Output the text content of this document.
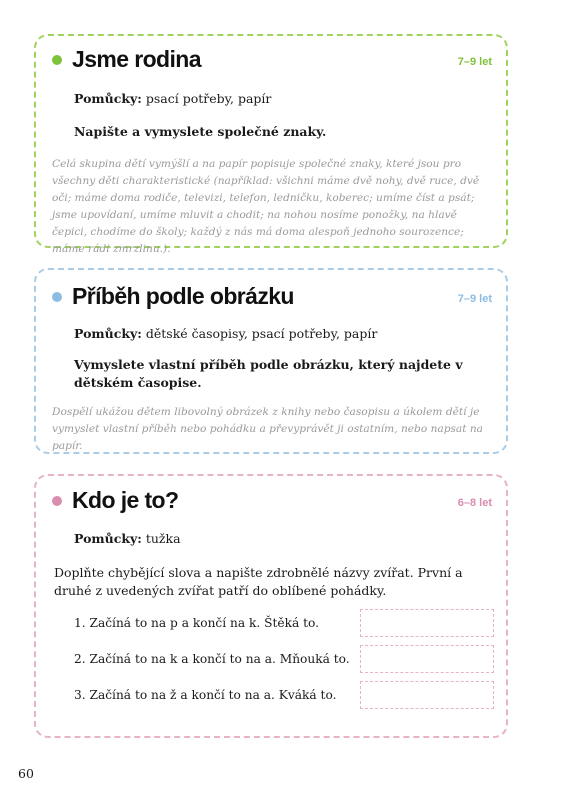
Jsme rodina	7–9 let
Pomůcky: psací potřeby, papír
Napište a vymyslete společné znaky.
Celá skupina dětí vymýšlí a na papír popisuje společné znaky, které jsou pro všechny děti charakteristické (například: všichni máme dvě nohy, dvě ruce, dvě oči; máme doma rodiče, televizi, telefon, ledničku, koberec; umíme číst a psát; jsme upovídaní, umíme mluvit a chodit; na nohou nosíme ponožky, na hlavě čepici, chodíme do školy; každý z nás má doma alespoň jednoho sourozence; máme rádi zmrzlinu.).
Příběh podle obrázku	7–9 let
Pomůcky: dětské časopisy, psací potřeby, papír
Vymyslete vlastní příběh podle obrázku, který najdete v dětském časopise.
Dospělí ukážou dětem libovolný obrázek z knihy nebo časopisu a úkolem dětí je vymyslet vlastní příběh nebo pohádku a převyprávět ji ostatním, nebo napsat na papír.
Kdo je to?	6–8 let
Pomůcky: tužka
Doplňte chybějící slova a napište zdrobnělé názvy zvířat. První a druhé z uvedených zvířat patří do oblíbené pohádky.
1. Začíná to na p a končí na k. Štěká to.
2. Začíná to na k a končí to na a. Mňouká to.
3. Začíná to na ž a končí to na a. Kváká to.
60
